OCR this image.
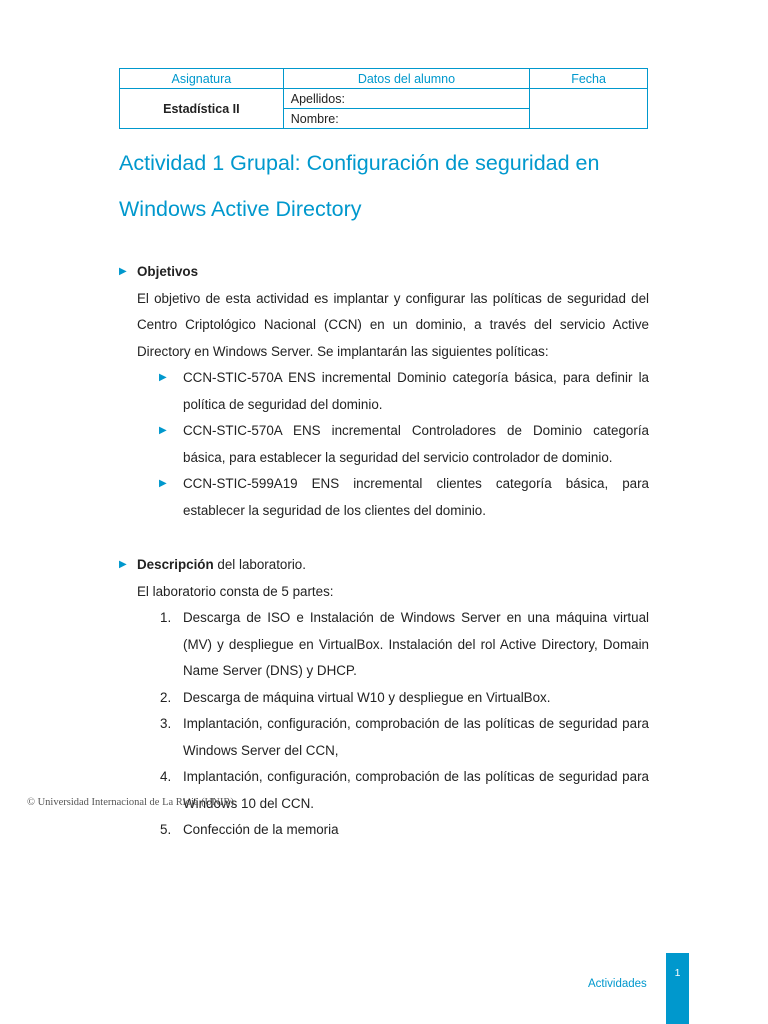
Asignatura	Datos del alumno	Fecha
Estadística II	Apellidos:	
	Nombre:	
Actividad 1 Grupal: Configuración de seguridad en Windows Active Directory
▶ Objetivos

El objetivo de esta actividad es implantar y configurar las políticas de seguridad del Centro Criptológico Nacional (CCN) en un dominio, a través del servicio Active Directory en Windows Server. Se implantarán las siguientes políticas:

▶ CCN-STIC-570A ENS incremental Dominio categoría básica, para definir la política de seguridad del dominio.
▶ CCN-STIC-570A ENS incremental Controladores de Dominio categoría básica, para establecer la seguridad del servicio controlador de dominio.
▶ CCN-STIC-599A19 ENS incremental clientes categoría básica, para establecer la seguridad de los clientes del dominio.
▶ Descripción del laboratorio.

El laboratorio consta de 5 partes:

1. Descarga de ISO e Instalación de Windows Server en una máquina virtual (MV) y despliegue en VirtualBox. Instalación del rol Active Directory, Domain Name Server (DNS) y DHCP.
2. Descarga de máquina virtual W10 y despliegue en VirtualBox.
3. Implantación, configuración, comprobación de las políticas de seguridad para Windows Server del CCN,
4. Implantación, configuración, comprobación de las políticas de seguridad para Windows 10 del CCN.
5. Confección de la memoria
© Universidad Internacional de La Rioja (UNIR)
Actividades
1
